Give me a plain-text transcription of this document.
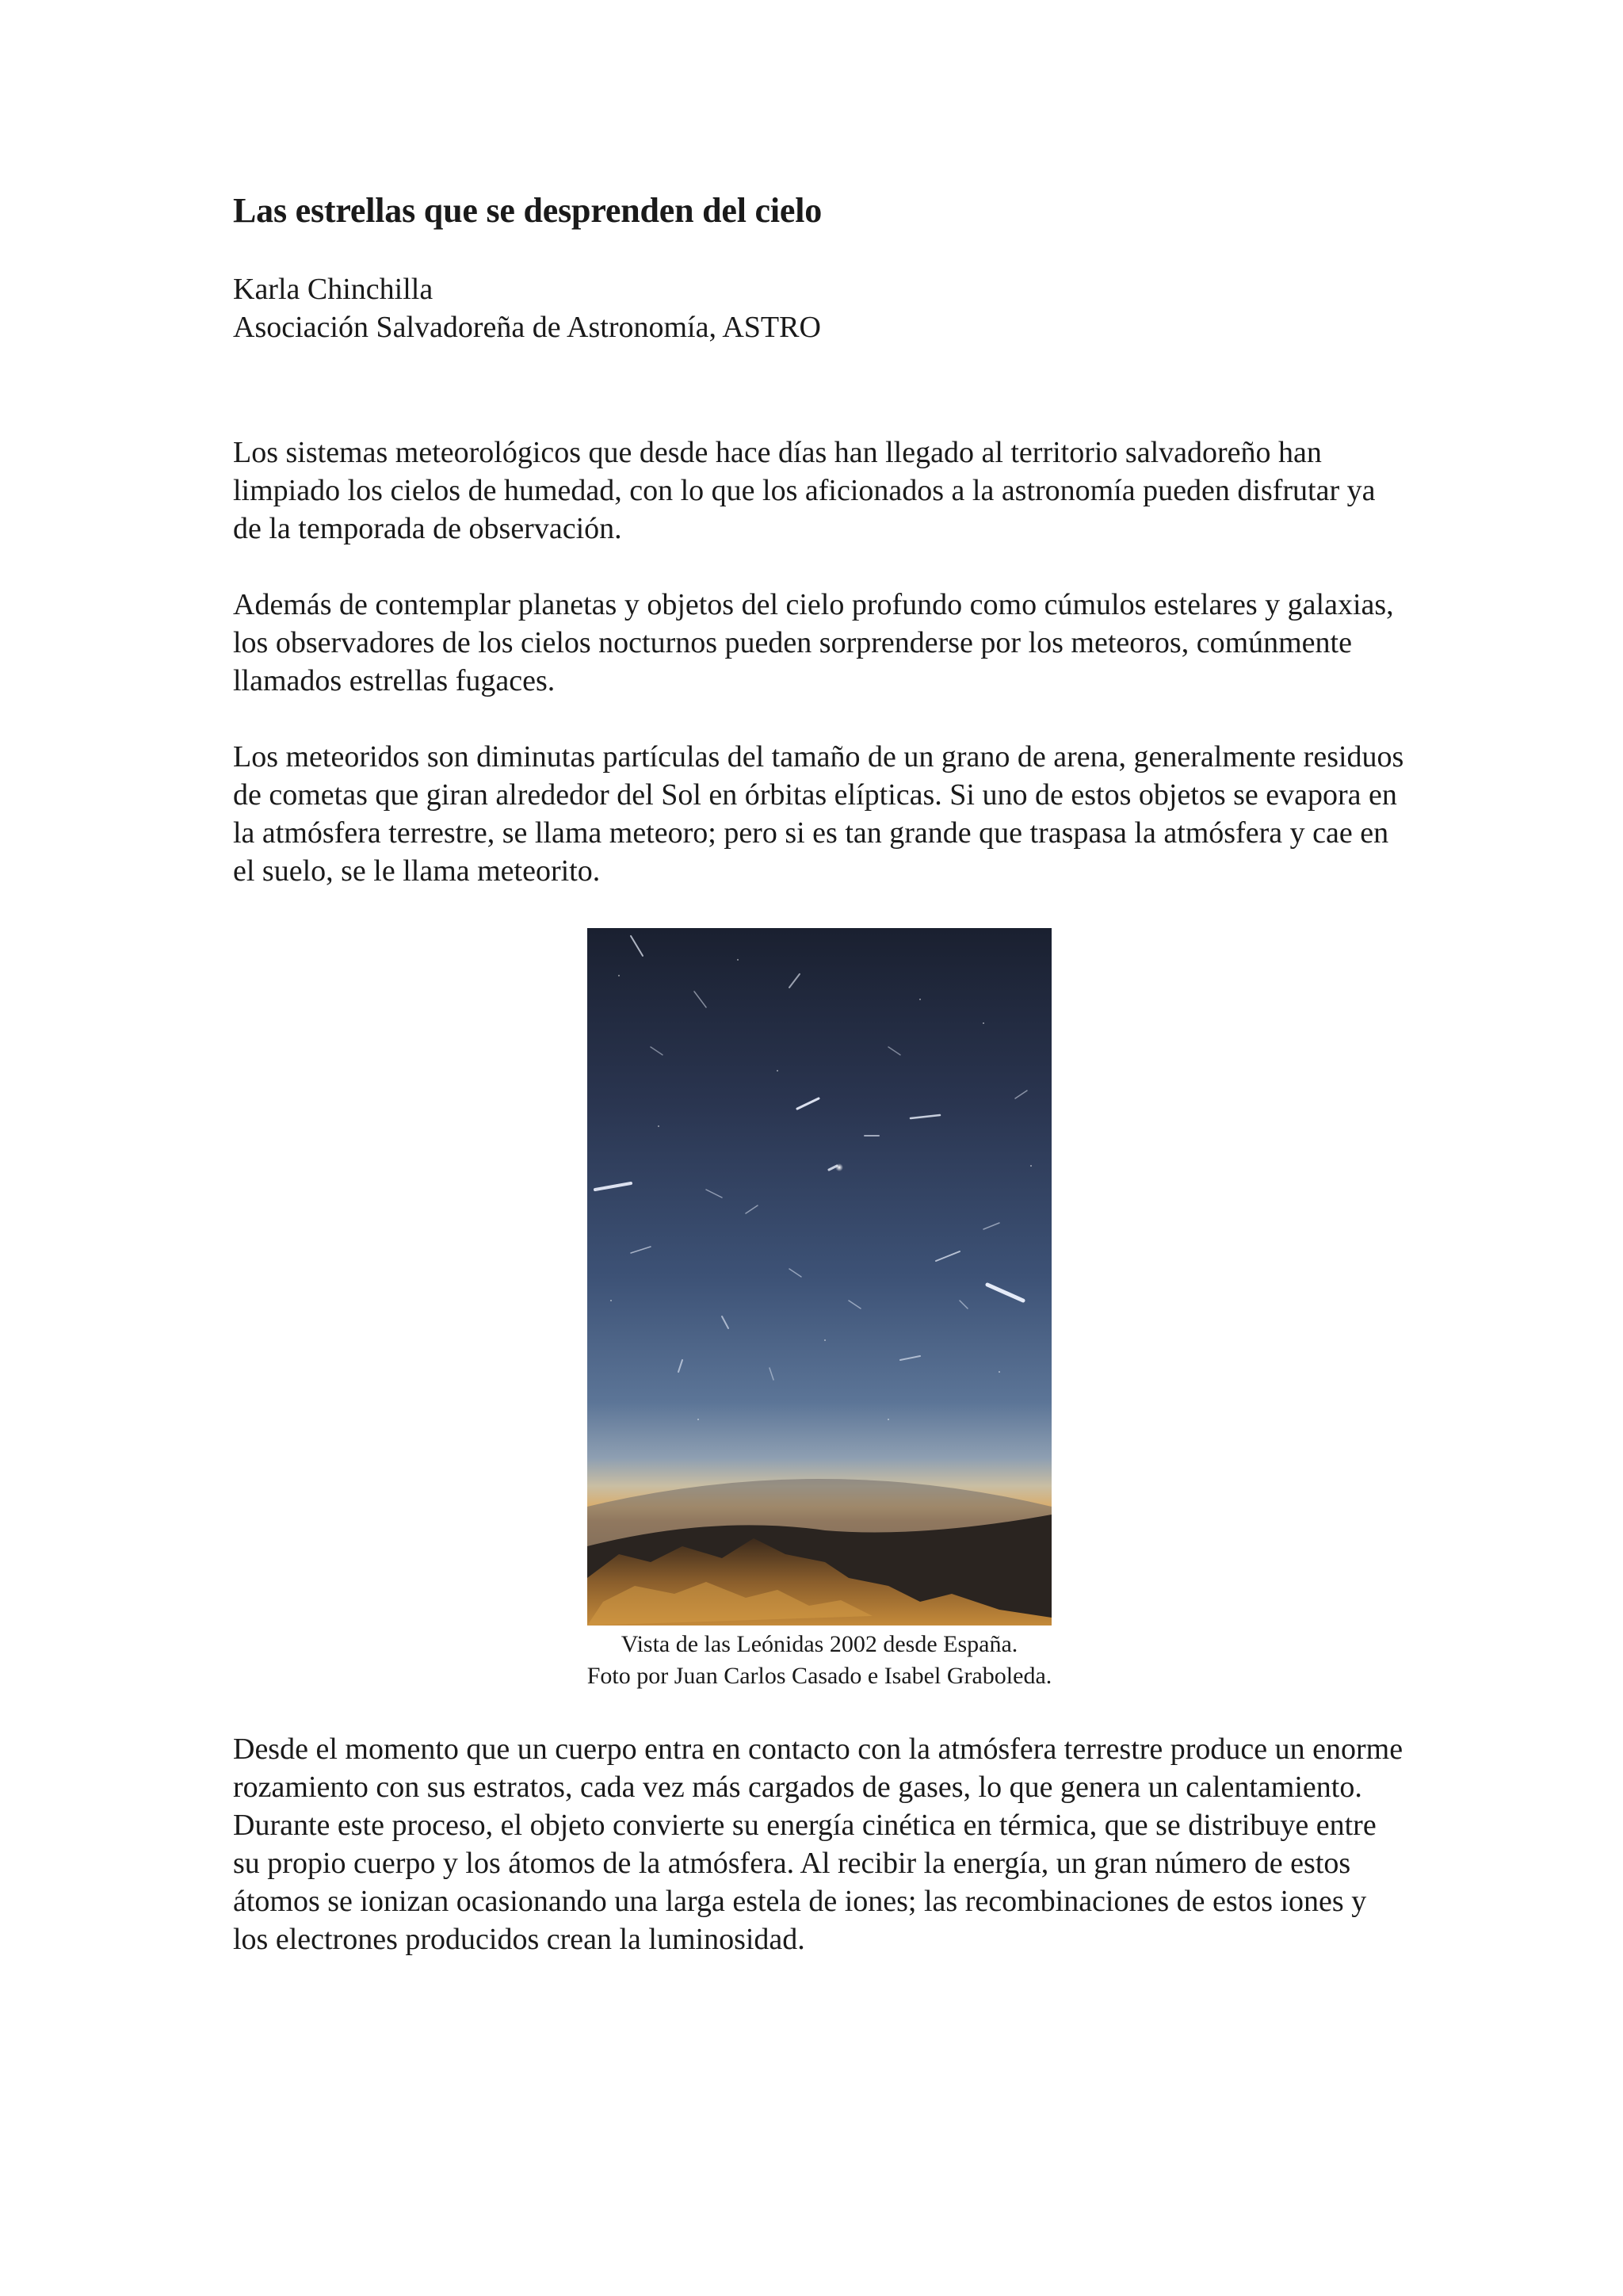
Las estrellas que se desprenden del cielo
Karla Chinchilla
Asociación Salvadoreña de Astronomía, ASTRO

Los sistemas meteorológicos que desde hace días han llegado al territorio salvadoreño han limpiado los cielos de humedad, con lo que los aficionados a la astronomía pueden disfrutar ya de la temporada de observación.

Además de contemplar planetas y objetos del cielo profundo como cúmulos estelares y galaxias, los observadores de los cielos nocturnos pueden sorprenderse por los meteoros, comúnmente llamados estrellas fugaces.

Los meteoridos son diminutas partículas del tamaño de un grano de arena, generalmente residuos de cometas que giran alrededor del Sol en órbitas elípticas. Si uno de estos objetos se evapora en la atmósfera terrestre, se llama meteoro; pero si es tan grande que traspasa la atmósfera y cae en el suelo, se le llama meteorito.

Vista de las Leónidas 2002 desde España.
Foto por Juan Carlos Casado e Isabel Graboleda.

Desde el momento que un cuerpo entra en contacto con la atmósfera terrestre produce un enorme rozamiento con sus estratos, cada vez más cargados de gases, lo que genera un calentamiento. Durante este proceso, el objeto convierte su energía cinética en térmica, que se distribuye entre su propio cuerpo y los átomos de la atmósfera. Al recibir la energía, un gran número de estos átomos se ionizan ocasionando una larga estela de iones; las recombinaciones de estos iones y los electrones producidos crean la luminosidad.
